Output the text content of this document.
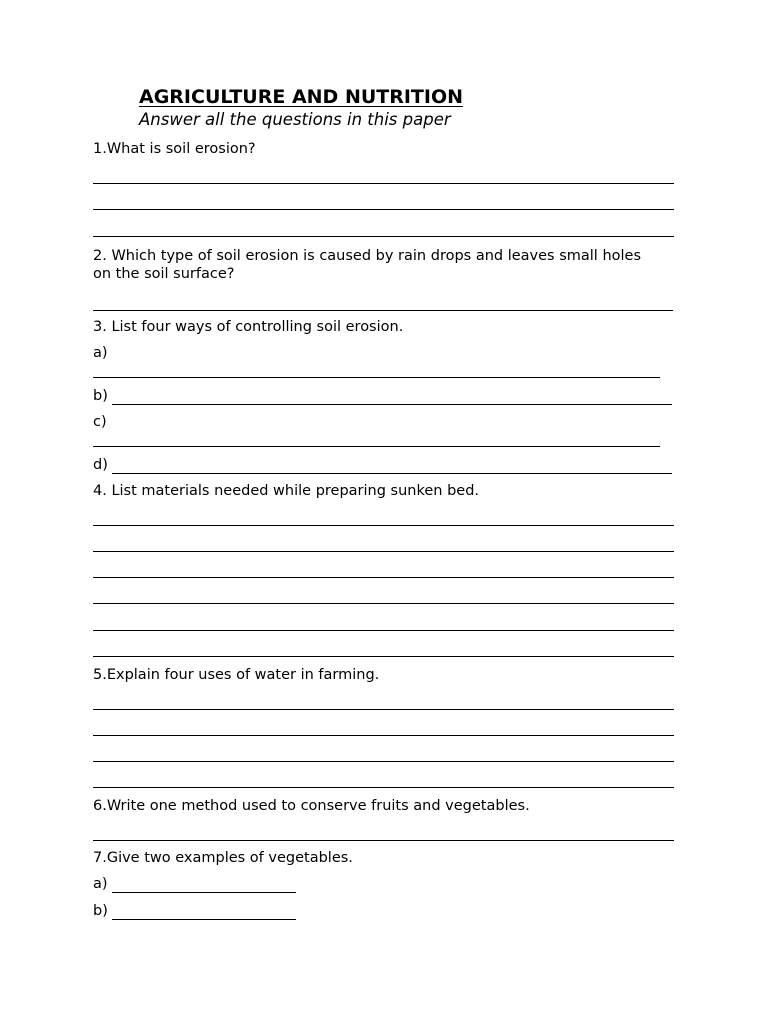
AGRICULTURE AND NUTRITION
Answer all the questions in this paper
1.What is soil erosion?
2. Which type of soil erosion is caused by rain drops and leaves small holes on the soil surface?
3. List four ways of controlling soil erosion.
a)
b)
c)
d)
4. List materials needed while preparing sunken bed.
5.Explain four uses of water in farming.
6.Write one method used to conserve fruits and vegetables.
7.Give two examples of vegetables.
a)
b)
